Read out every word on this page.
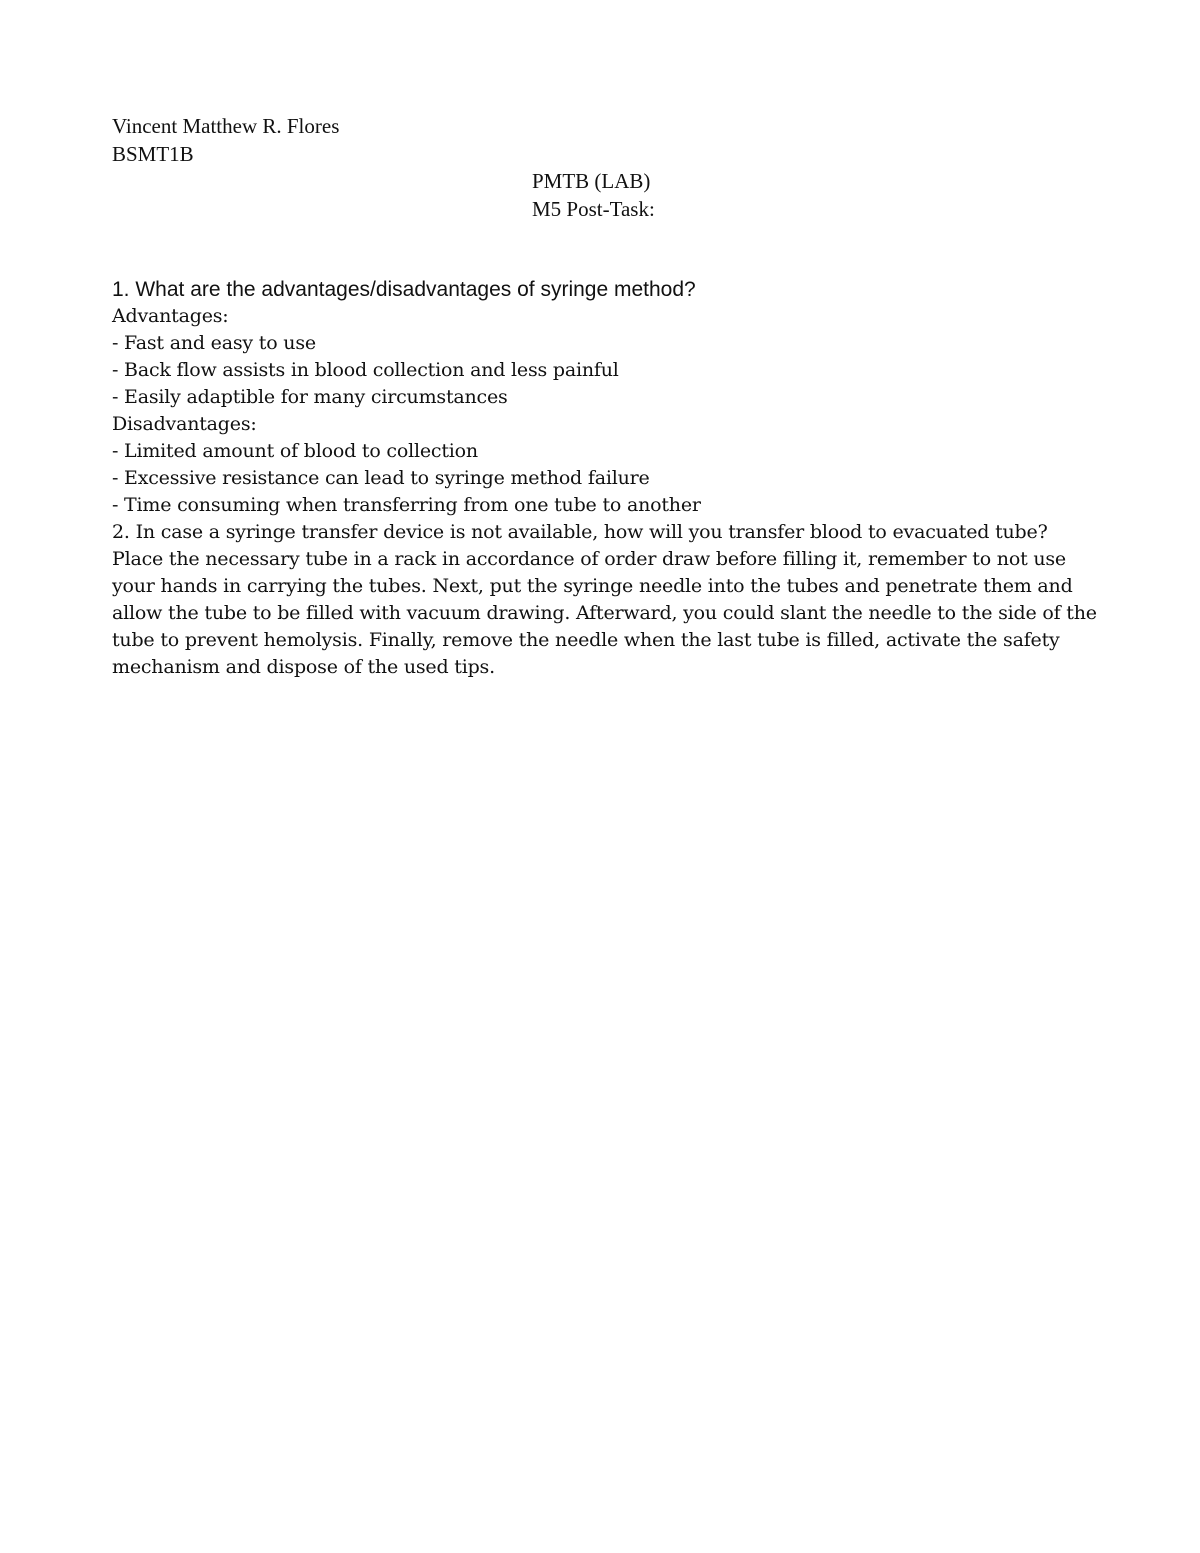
Vincent Matthew R. Flores
BSMT1B
PMTB (LAB)
M5 Post-Task:
1. What are the advantages/disadvantages of syringe method?
Advantages:
- Fast and easy to use
- Back flow assists in blood collection and less painful
- Easily adaptible for many circumstances
Disadvantages:
- Limited amount of blood to collection
- Excessive resistance can lead to syringe method failure
- Time consuming when transferring from one tube to another
2. In case a syringe transfer device is not available, how will you transfer blood to evacuated tube?
Place the necessary tube in a rack in accordance of order draw before filling it, remember to not use your hands in carrying the tubes. Next, put the syringe needle into the tubes and penetrate them and allow the tube to be filled with vacuum drawing. Afterward, you could slant the needle to the side of the tube to prevent hemolysis. Finally, remove the needle when the last tube is filled, activate the safety mechanism and dispose of the used tips.
